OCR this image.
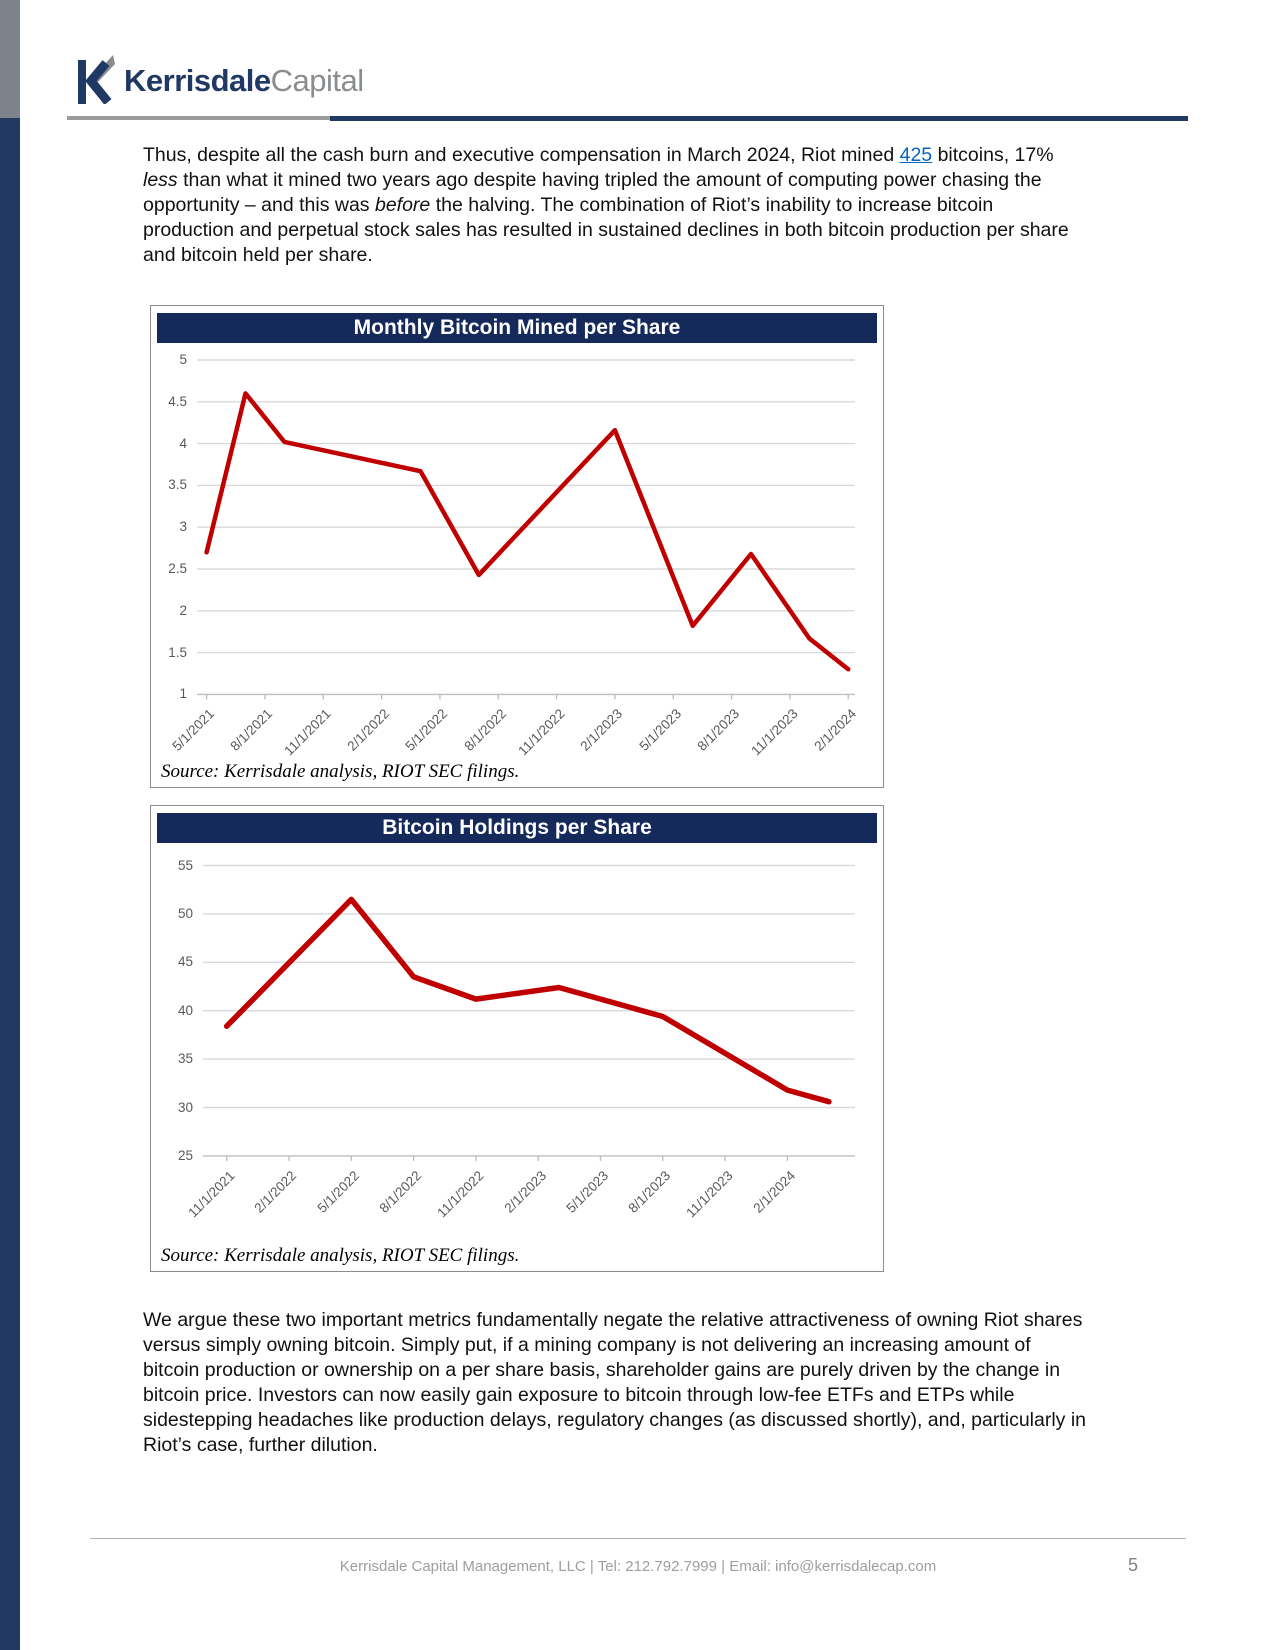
KerrisdaleCapital
Thus, despite all the cash burn and executive compensation in March 2024, Riot mined 425 bitcoins, 17% less than what it mined two years ago despite having tripled the amount of computing power chasing the opportunity – and this was before the halving. The combination of Riot’s inability to increase bitcoin production and perpetual stock sales has resulted in sustained declines in both bitcoin production per share and bitcoin held per share.
Monthly Bitcoin Mined per Share
Source: Kerrisdale analysis, RIOT SEC filings.
5
4.5
4
3.5
3
2.5
2
1.5
1
5/1/2021 8/1/2021 11/1/2021 2/1/2022 5/1/2022 8/1/2022 11/1/2022 2/1/2023 5/1/2023 8/1/2023 11/1/2023 2/1/2024
Bitcoin Holdings per Share
Source: Kerrisdale analysis, RIOT SEC filings.
55
50
45
40
35
30
25
11/1/2021 2/1/2022 5/1/2022 8/1/2022 11/1/2022 2/1/2023 5/1/2023 8/1/2023 11/1/2023 2/1/2024
We argue these two important metrics fundamentally negate the relative attractiveness of owning Riot shares versus simply owning bitcoin. Simply put, if a mining company is not delivering an increasing amount of bitcoin production or ownership on a per share basis, shareholder gains are purely driven by the change in bitcoin price. Investors can now easily gain exposure to bitcoin through low-fee ETFs and ETPs while sidestepping headaches like production delays, regulatory changes (as discussed shortly), and, particularly in Riot’s case, further dilution.
Kerrisdale Capital Management, LLC | Tel: 212.792.7999 | Email: info@kerrisdalecap.com	5
